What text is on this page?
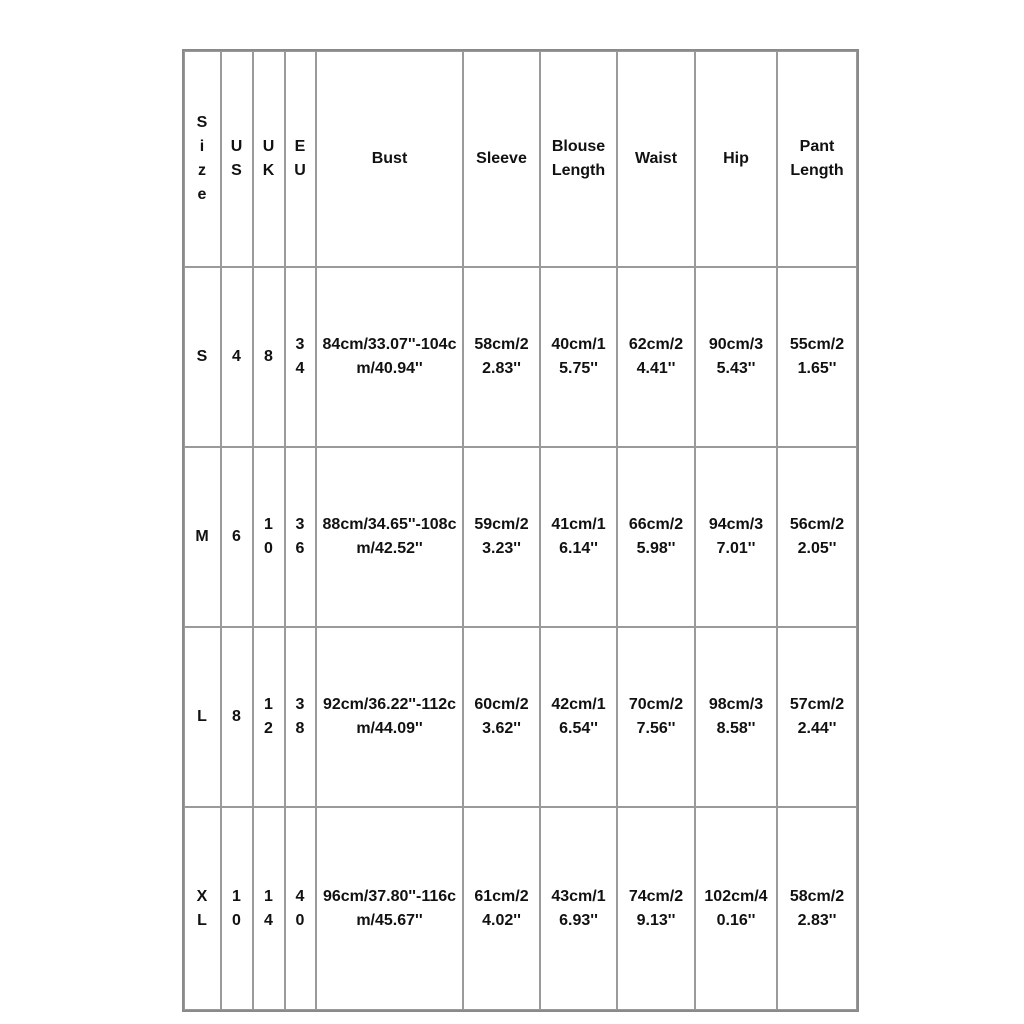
Size	US	UK	EU	Bust	Sleeve	Blouse Length	Waist	Hip	Pant Length

S	4	8	34	84cm/33.07''-104cm/40.94''	58cm/22.83''	40cm/15.75''	62cm/24.41''	90cm/35.43''	55cm/21.65''

M	6	10	36	88cm/34.65''-108cm/42.52''	59cm/23.23''	41cm/16.14''	66cm/25.98''	94cm/37.01''	56cm/22.05''

L	8	12	38	92cm/36.22''-112cm/44.09''	60cm/23.62''	42cm/16.54''	70cm/27.56''	98cm/38.58''	57cm/22.44''

XL	10	14	40	96cm/37.80''-116cm/45.67''	61cm/24.02''	43cm/16.93''	74cm/29.13''	102cm/40.16''	58cm/22.83''
